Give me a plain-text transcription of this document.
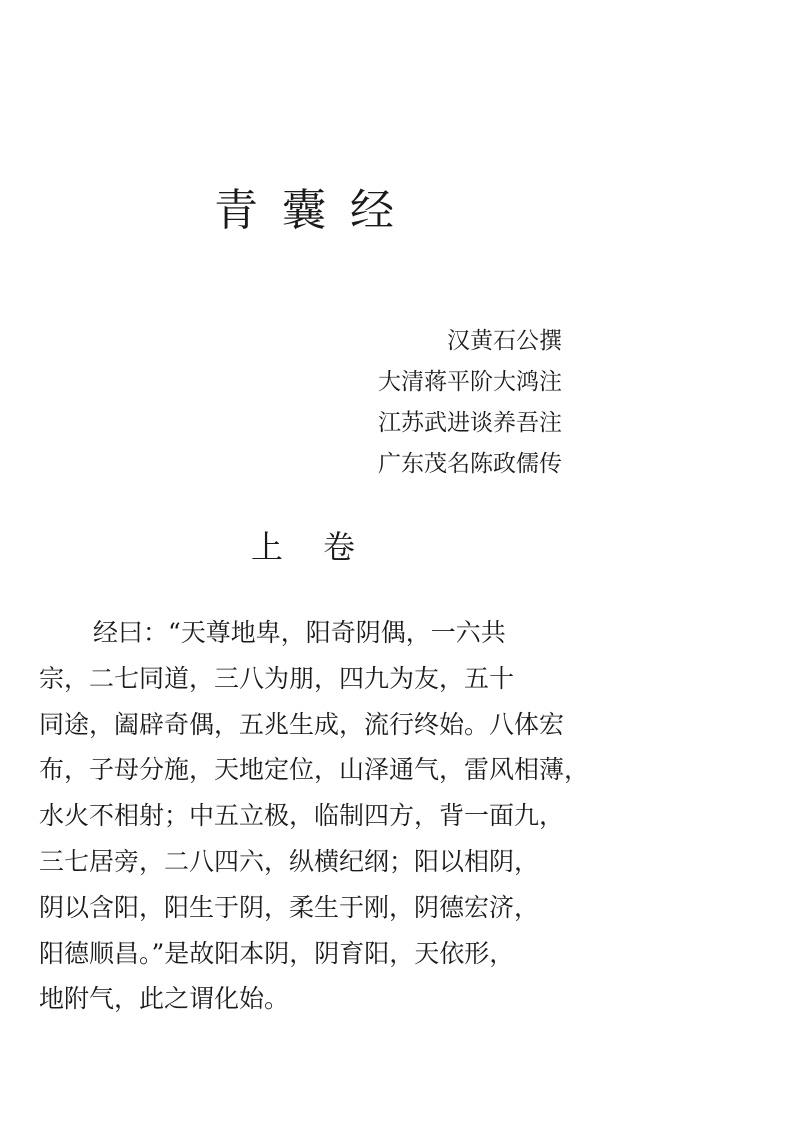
青囊经
汉黄石公撰
大清蒋平阶大鸿注
江苏武进谈养吾注
广东茂名陈政儒传
上卷
经曰：“天尊地卑，阳奇阴偶，一六共
宗，二七同道，三八为朋，四九为友，五十
同途，阖辟奇偶，五兆生成，流行终始。八体宏
布，子母分施，天地定位，山泽通气，雷风相薄，
水火不相射；中五立极，临制四方，背一面九，
三七居旁，二八四六，纵横纪纲；阳以相阴，
阴以含阳，阳生于阴，柔生于刚，阴德宏济，
阳德顺昌。”是故阳本阴，阴育阳，天依形，
地附气，此之谓化始。
